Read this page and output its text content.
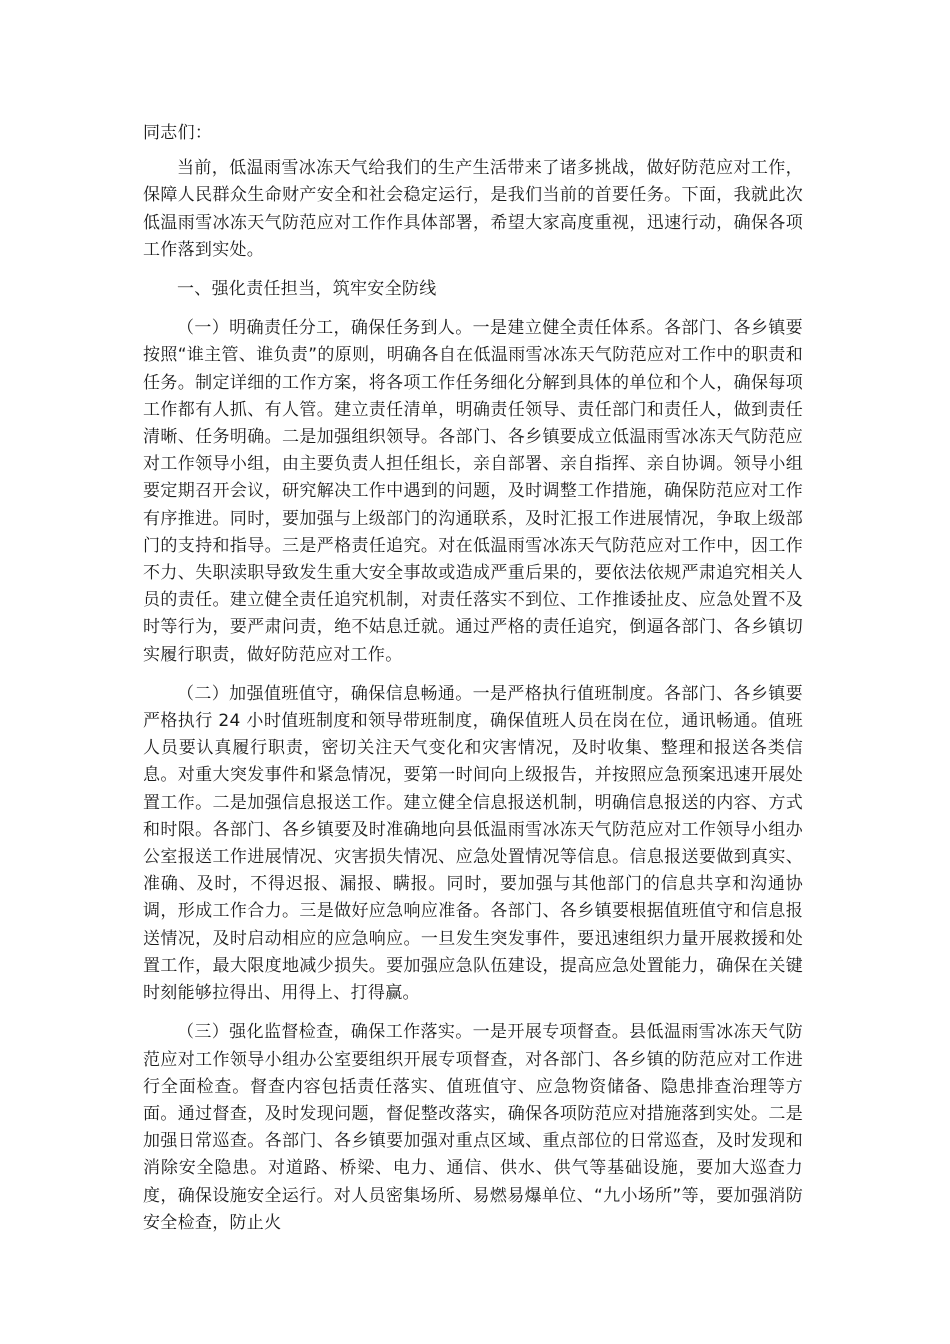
同志们：

当前，低温雨雪冰冻天气给我们的生产生活带来了诸多挑战，做好防范应对工作，保障人民群众生命财产安全和社会稳定运行，是我们当前的首要任务。下面，我就此次低温雨雪冰冻天气防范应对工作作具体部署，希望大家高度重视，迅速行动，确保各项工作落到实处。

一、强化责任担当，筑牢安全防线

（一）明确责任分工，确保任务到人。一是建立健全责任体系。各部门、各乡镇要按照“谁主管、谁负责”的原则，明确各自在低温雨雪冰冻天气防范应对工作中的职责和任务。制定详细的工作方案，将各项工作任务细化分解到具体的单位和个人，确保每项工作都有人抓、有人管。建立责任清单，明确责任领导、责任部门和责任人，做到责任清晰、任务明确。二是加强组织领导。各部门、各乡镇要成立低温雨雪冰冻天气防范应对工作领导小组，由主要负责人担任组长，亲自部署、亲自指挥、亲自协调。领导小组要定期召开会议，研究解决工作中遇到的问题，及时调整工作措施，确保防范应对工作有序推进。同时，要加强与上级部门的沟通联系，及时汇报工作进展情况，争取上级部门的支持和指导。三是严格责任追究。对在低温雨雪冰冻天气防范应对工作中，因工作不力、失职渎职导致发生重大安全事故或造成严重后果的，要依法依规严肃追究相关人员的责任。建立健全责任追究机制，对责任落实不到位、工作推诿扯皮、应急处置不及时等行为，要严肃问责，绝不姑息迁就。通过严格的责任追究，倒逼各部门、各乡镇切实履行职责，做好防范应对工作。

（二）加强值班值守，确保信息畅通。一是严格执行值班制度。各部门、各乡镇要严格执行 24 小时值班制度和领导带班制度，确保值班人员在岗在位，通讯畅通。值班人员要认真履行职责，密切关注天气变化和灾害情况，及时收集、整理和报送各类信息。对重大突发事件和紧急情况，要第一时间向上级报告，并按照应急预案迅速开展处置工作。二是加强信息报送工作。建立健全信息报送机制，明确信息报送的内容、方式和时限。各部门、各乡镇要及时准确地向县低温雨雪冰冻天气防范应对工作领导小组办公室报送工作进展情况、灾害损失情况、应急处置情况等信息。信息报送要做到真实、准确、及时，不得迟报、漏报、瞒报。同时，要加强与其他部门的信息共享和沟通协调，形成工作合力。三是做好应急响应准备。各部门、各乡镇要根据值班值守和信息报送情况，及时启动相应的应急响应。一旦发生突发事件，要迅速组织力量开展救援和处置工作，最大限度地减少损失。要加强应急队伍建设，提高应急处置能力，确保在关键时刻能够拉得出、用得上、打得赢。

（三）强化监督检查，确保工作落实。一是开展专项督查。县低温雨雪冰冻天气防范应对工作领导小组办公室要组织开展专项督查，对各部门、各乡镇的防范应对工作进行全面检查。督查内容包括责任落实、值班值守、应急物资储备、隐患排查治理等方面。通过督查，及时发现问题，督促整改落实，确保各项防范应对措施落到实处。二是加强日常巡查。各部门、各乡镇要加强对重点区域、重点部位的日常巡查，及时发现和消除安全隐患。对道路、桥梁、电力、通信、供水、供气等基础设施，要加大巡查力度，确保设施安全运行。对人员密集场所、易燃易爆单位、“九小场所”等，要加强消防安全检查，防止火
